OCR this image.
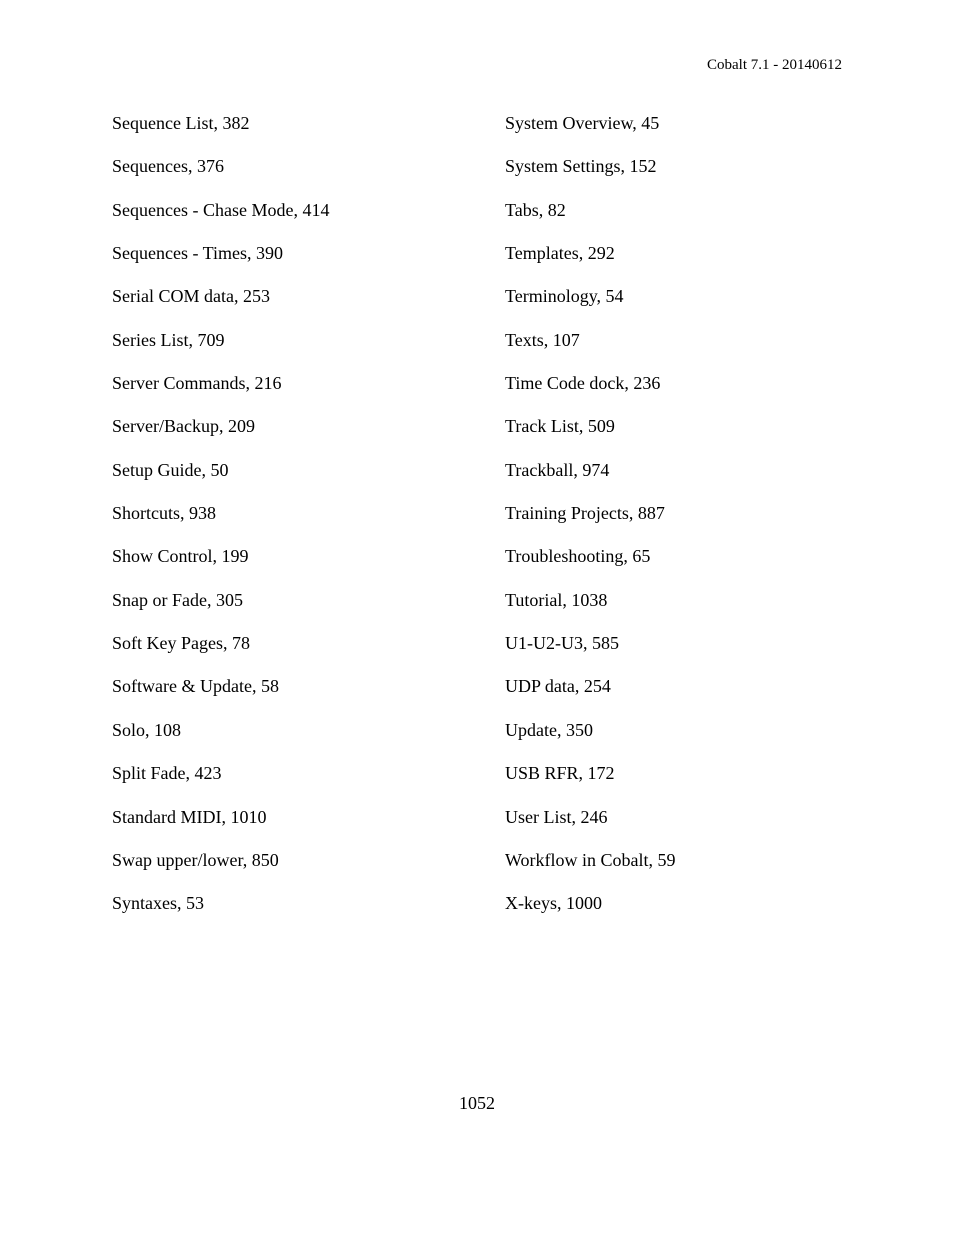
Cobalt 7.1 - 20140612
Sequence List, 382
Sequences, 376
Sequences - Chase Mode, 414
Sequences - Times, 390
Serial COM data, 253
Series List, 709
Server Commands, 216
Server/Backup, 209
Setup Guide, 50
Shortcuts, 938
Show Control, 199
Snap or Fade, 305
Soft Key Pages, 78
Software & Update, 58
Solo, 108
Split Fade, 423
Standard MIDI, 1010
Swap upper/lower, 850
Syntaxes, 53
System Overview, 45
System Settings, 152
Tabs, 82
Templates, 292
Terminology, 54
Texts, 107
Time Code dock, 236
Track List, 509
Trackball, 974
Training Projects, 887
Troubleshooting, 65
Tutorial, 1038
U1-U2-U3, 585
UDP data, 254
Update, 350
USB RFR, 172
User List, 246
Workflow in Cobalt, 59
X-keys, 1000
1052
